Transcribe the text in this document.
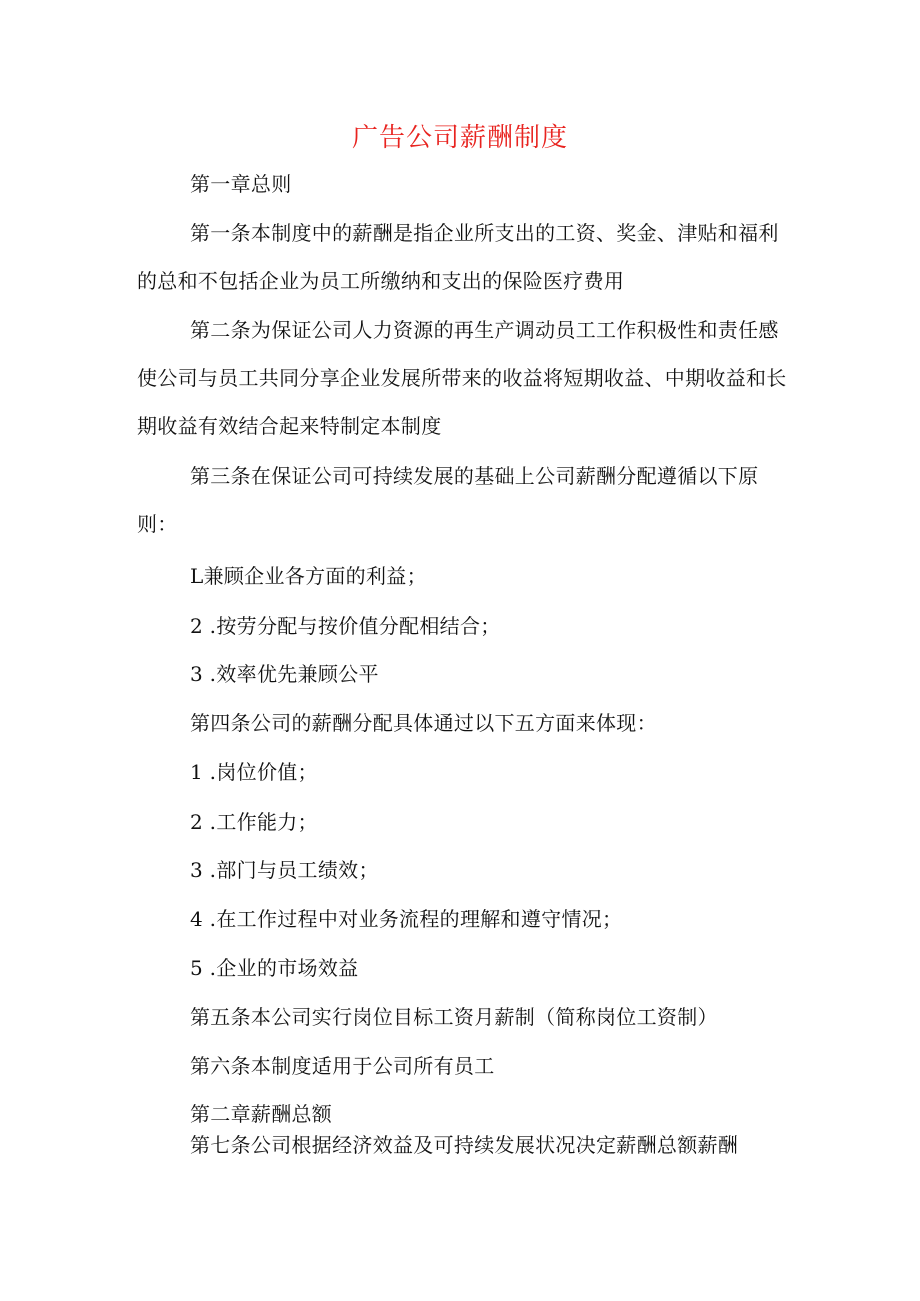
广告公司薪酬制度
第一章总则
第一条本制度中的薪酬是指企业所支出的工资、奖金、津贴和福利
的总和不包括企业为员工所缴纳和支出的保险医疗费用
第二条为保证公司人力资源的再生产调动员工工作积极性和责任感
使公司与员工共同分享企业发展所带来的收益将短期收益、中期收益和长
期收益有效结合起来特制定本制度
第三条在保证公司可持续发展的基础上公司薪酬分配遵循以下原
则：
L兼顾企业各方面的利益；
2 .按劳分配与按价值分配相结合；
3 .效率优先兼顾公平
第四条公司的薪酬分配具体通过以下五方面来体现：
1 .岗位价值；
2 .工作能力；
3 .部门与员工绩效；
4 .在工作过程中对业务流程的理解和遵守情况；
5 .企业的市场效益
第五条本公司实行岗位目标工资月薪制（简称岗位工资制）
第六条本制度适用于公司所有员工
第二章薪酬总额
第七条公司根据经济效益及可持续发展状况决定薪酬总额薪酬
